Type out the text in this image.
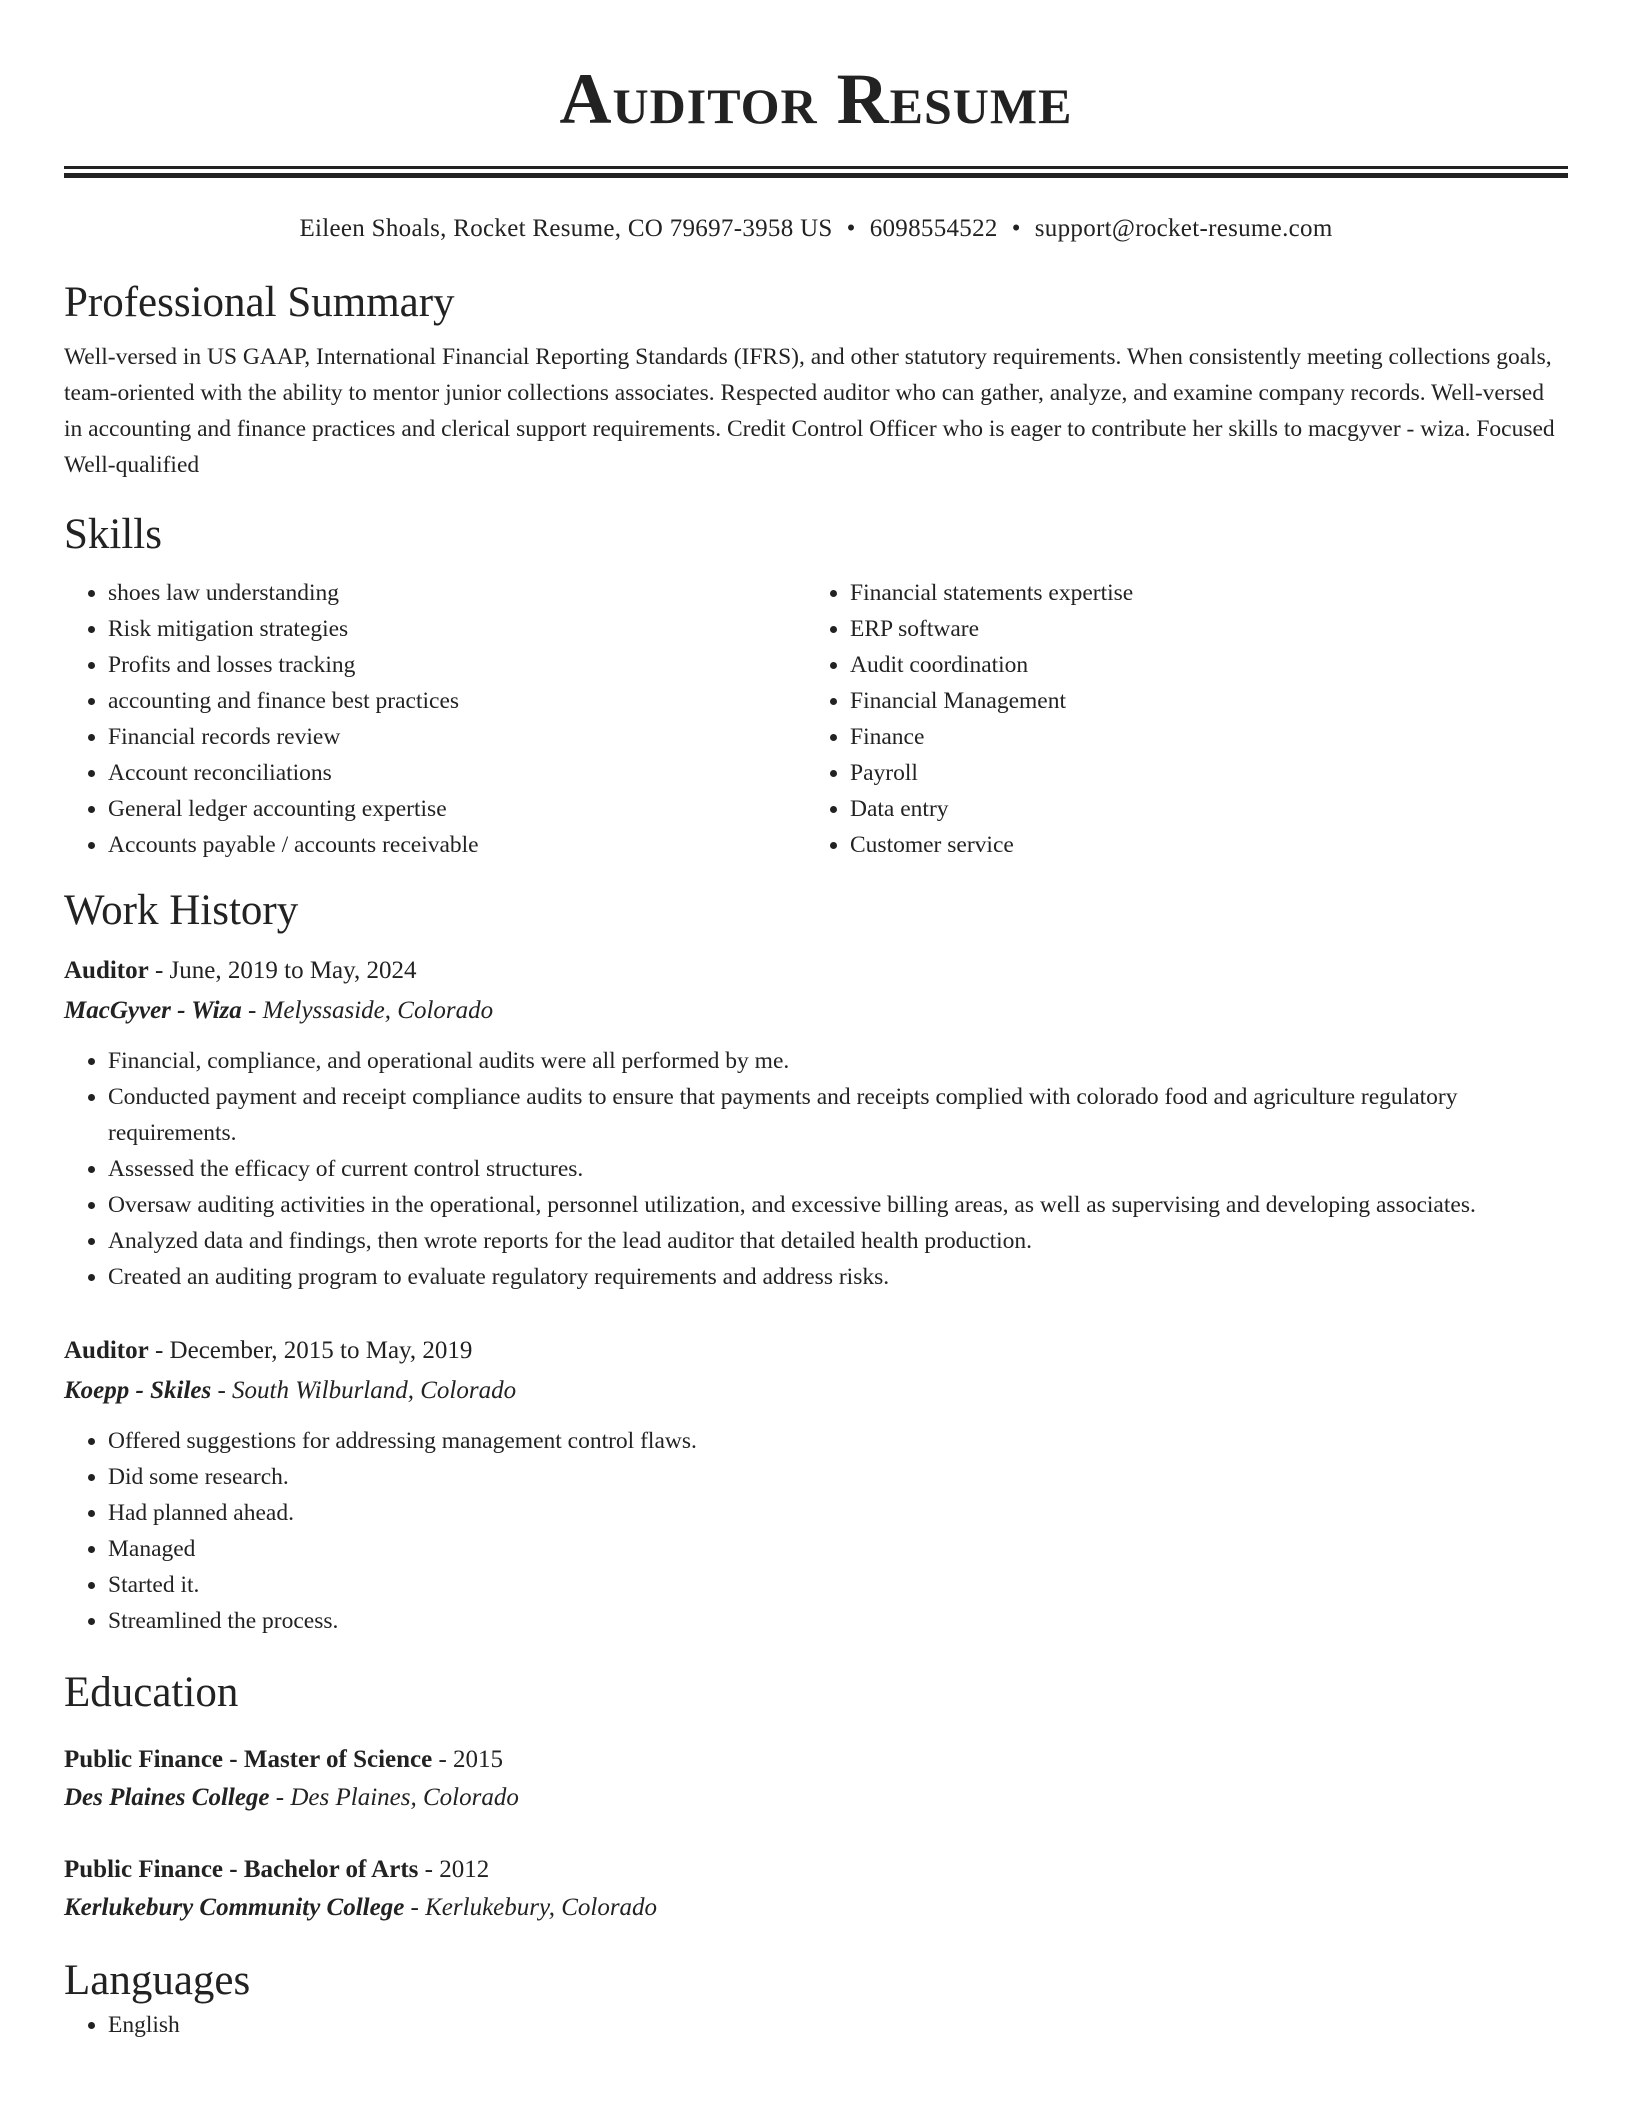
Auditor Resume
Eileen Shoals, Rocket Resume, CO 79697-3958 US • 6098554522 • support@rocket-resume.com
Professional Summary
Well-versed in US GAAP, International Financial Reporting Standards (IFRS), and other statutory requirements. When consistently meeting collections goals, team-oriented with the ability to mentor junior collections associates. Respected auditor who can gather, analyze, and examine company records. Well-versed in accounting and finance practices and clerical support requirements. Credit Control Officer who is eager to contribute her skills to macgyver - wiza. Focused Well-qualified
Skills
• shoes law understanding
• Risk mitigation strategies
• Profits and losses tracking
• accounting and finance best practices
• Financial records review
• Account reconciliations
• General ledger accounting expertise
• Accounts payable / accounts receivable
• Financial statements expertise
• ERP software
• Audit coordination
• Financial Management
• Finance
• Payroll
• Data entry
• Customer service
Work History
Auditor - June, 2019 to May, 2024
MacGyver - Wiza - Melyssaside, Colorado
• Financial, compliance, and operational audits were all performed by me.
• Conducted payment and receipt compliance audits to ensure that payments and receipts complied with colorado food and agriculture regulatory requirements.
• Assessed the efficacy of current control structures.
• Oversaw auditing activities in the operational, personnel utilization, and excessive billing areas, as well as supervising and developing associates.
• Analyzed data and findings, then wrote reports for the lead auditor that detailed health production.
• Created an auditing program to evaluate regulatory requirements and address risks.
Auditor - December, 2015 to May, 2019
Koepp - Skiles - South Wilburland, Colorado
• Offered suggestions for addressing management control flaws.
• Did some research.
• Had planned ahead.
• Managed
• Started it.
• Streamlined the process.
Education
Public Finance - Master of Science - 2015
Des Plaines College - Des Plaines, Colorado
Public Finance - Bachelor of Arts - 2012
Kerlukebury Community College - Kerlukebury, Colorado
Languages
• English
